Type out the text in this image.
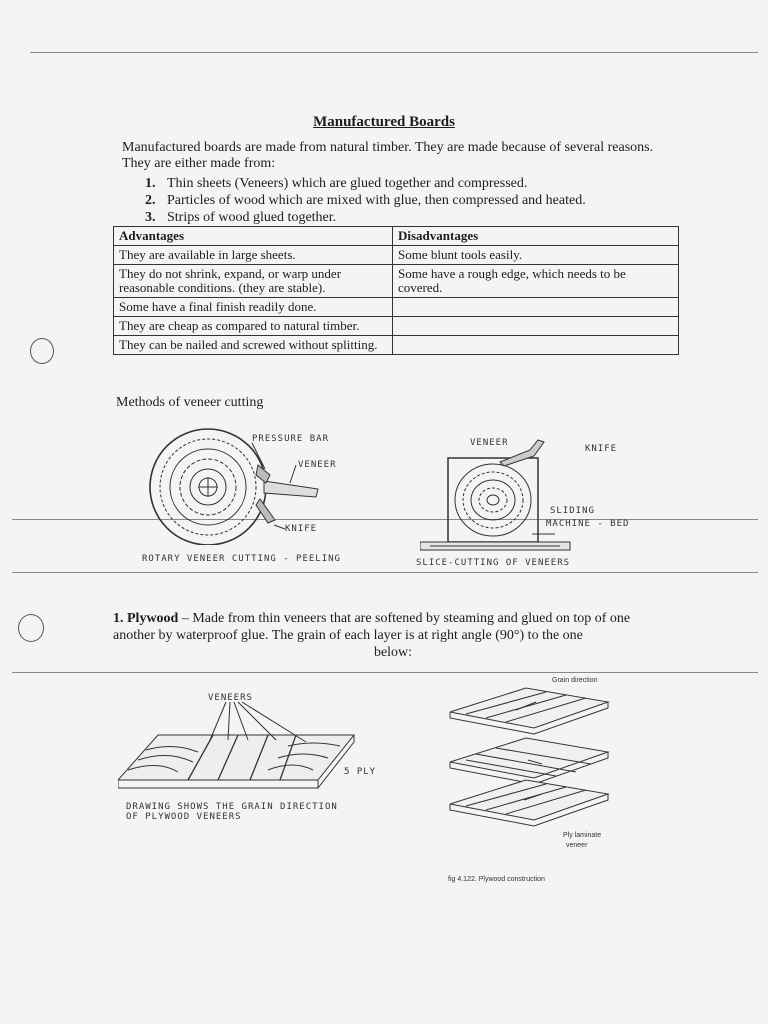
Manufactured Boards
Manufactured boards are made from natural timber. They are made because of several reasons. They are either made from:
1. Thin sheets (Veneers) which are glued together and compressed.
2. Particles of wood which are mixed with glue, then compressed and heated.
3. Strips of wood glued together.
Advantages	Disadvantages
They are available in large sheets.	Some blunt tools easily.
They do not shrink, expand, or warp under reasonable conditions. (they are stable).	Some have a rough edge, which needs to be covered.
Some have a final finish readily done.	
They are cheap as compared to natural timber.	
They can be nailed and screwed without splitting.	
Methods of veneer cutting
PRESSURE BAR
VENEER
KNIFE
ROTARY VENEER CUTTING - PEELING
VENEER
KNIFE
SLIDING
MACHINE - BED
SLICE-CUTTING OF VENEERS
1. Plywood – Made from thin veneers that are softened by steaming and glued on top of one another by waterproof glue. The grain of each layer is at right angle (90°) to the one
below:
VENEERS
5 PLY
DRAWING SHOWS THE GRAIN DIRECTION
OF PLYWOOD VENEERS
Grain direction
Ply laminate
veneer
fig 4.122. Plywood construction
